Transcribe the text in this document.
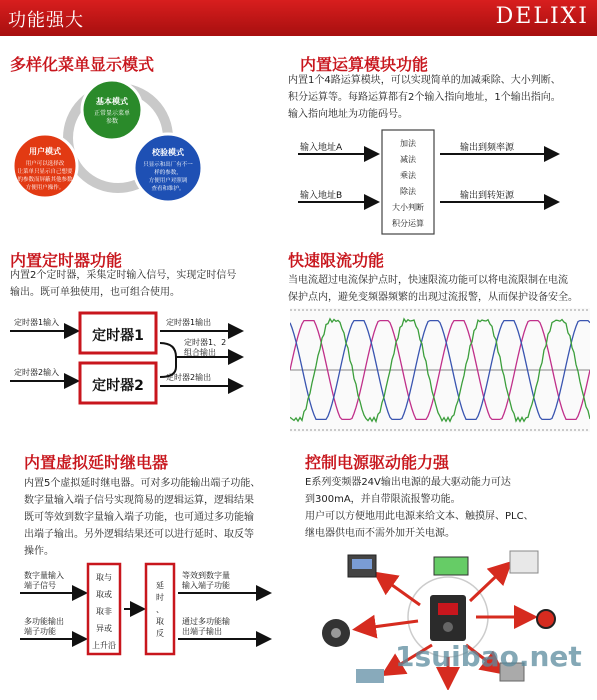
功能强大	DELIXI
多样化菜单显示模式
基本模式
正常显示菜单
参数
用户模式
用户可以选择改
让菜单只显示自己想要
的参数而屏蔽其他参数
方便用户操作。
校验模式
只显示和出厂有不一
样的参数，
方便用户对照调
查看和维护。
内置运算模块功能
内置1个4路运算模块，可以实现简单的加减乘除、大小判断、
积分运算等。每路运算都有2个输入指向地址，1个输出指向。
输入指向地址为功能码号。
输入地址A
输入地址B
加法
减法
乘法
除法
大小判断
积分运算
输出到频率源
输出到转矩源
内置定时器功能
内置2个定时器，采集定时输入信号，实现定时信号
输出。既可单独使用，也可组合使用。
定时器1输入
定时器2输入
定时器1
定时器2
定时器1输出
定时器1、2
组合输出
定时器2输出
快速限流功能
当电流超过电流保护点时，快速限流功能可以将电流限制在电流
保护点内，避免变频器频繁的出现过流报警，从而保护设备安全。
内置虚拟延时继电器
内置5个虚拟延时继电器。可对多功能输出端子功能、
数字量输入端子信号实现简易的逻辑运算，逻辑结果
既可等效到数字量输入端子功能，也可通过多功能输
出端子输出。另外逻辑结果还可以进行延时、取反等
操作。
数字量输入
端子信号
多功能输出
端子功能
取与
取或
取非
异或
上升沿
延
时
、
取
反
等效到数字量
输入端子功能
通过多功能输
出端子输出
控制电源驱动能力强
E系列变频器24V输出电源的最大驱动能力可达
到300mA，并自带限流报警功能。
用户可以方便地用此电源来给文本、触摸屏、PLC、
继电器供电而不需外加开关电源。
1suibao.net
